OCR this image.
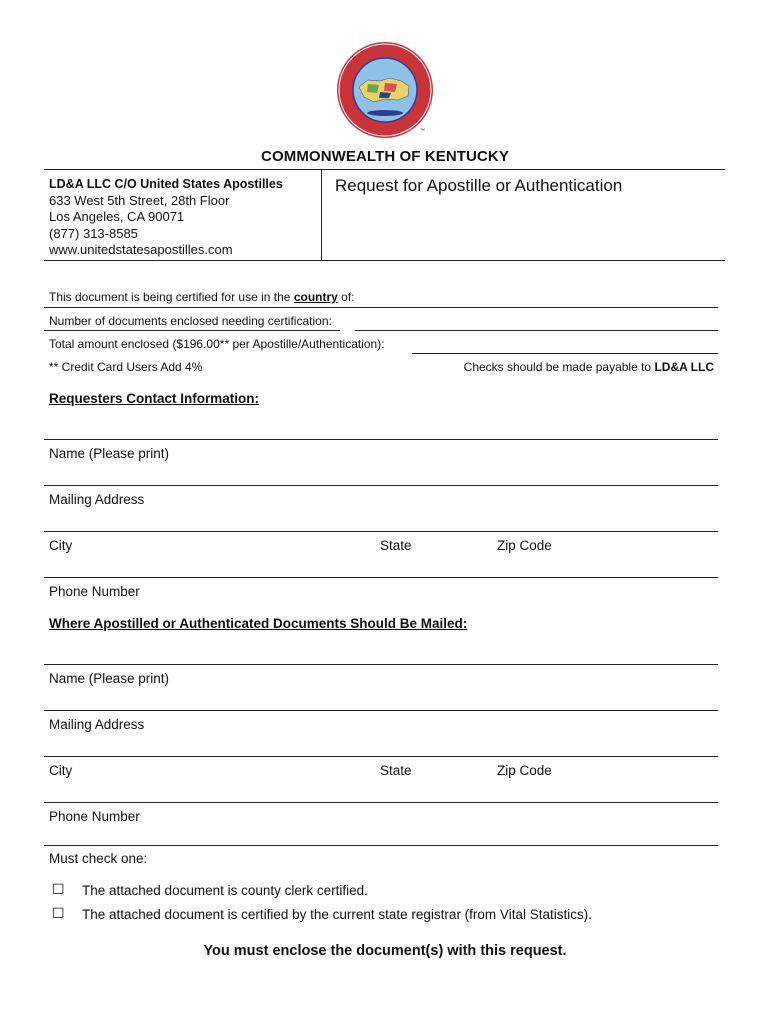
™
COMMONWEALTH OF KENTUCKY
LD&A LLC C/O United States Apostilles
633 West 5th Street, 28th Floor
Los Angeles, CA 90071
(877) 313-8585
www.unitedstatesapostilles.com
Request for Apostille or Authentication
This document is being certified for use in the country of:
Number of documents enclosed needing certification:
Total amount enclosed ($196.00** per Apostille/Authentication):
** Credit Card Users Add 4%	Checks should be made payable to LD&A LLC
Requesters Contact Information:
Name (Please print)
Mailing Address
City	State	Zip Code
Phone Number
Where Apostilled or Authenticated Documents Should Be Mailed:
Name (Please print)
Mailing Address
City	State	Zip Code
Phone Number
Must check one:
☐ The attached document is county clerk certified.
☐ The attached document is certified by the current state registrar (from Vital Statistics).
You must enclose the document(s) with this request.
